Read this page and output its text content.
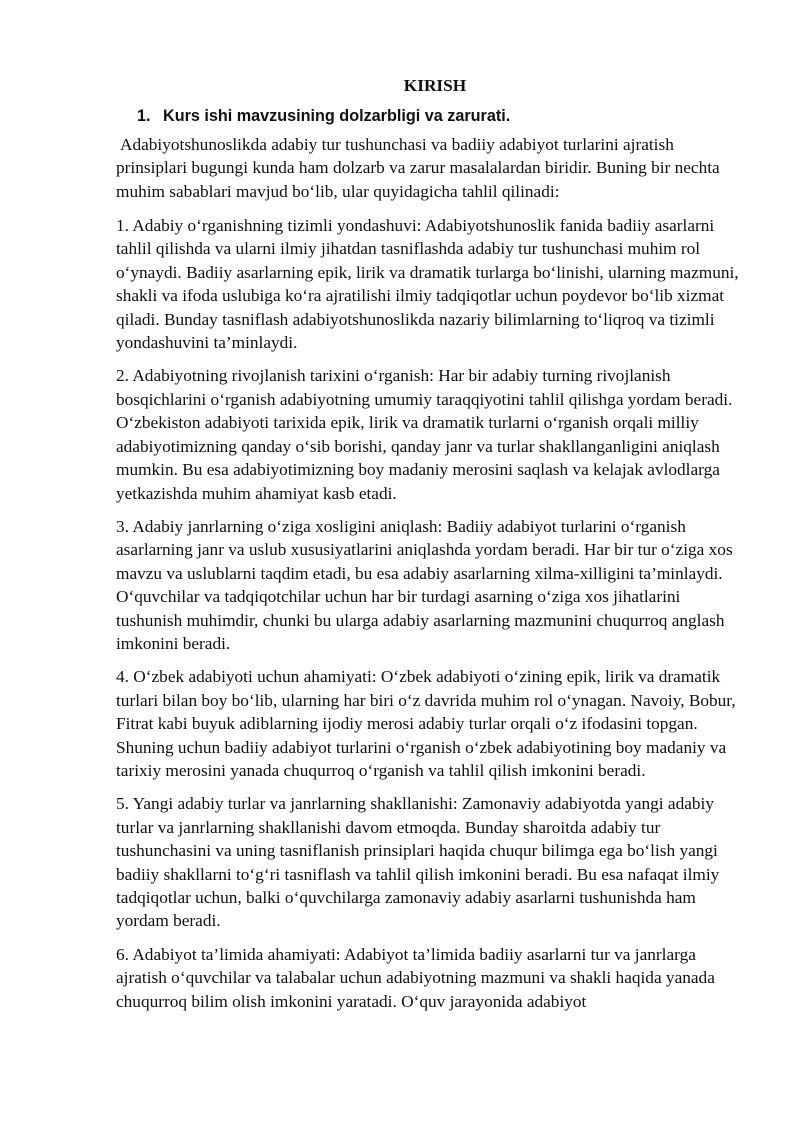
KIRISH
1. Kurs ishi mavzusining dolzarbligi va zarurati.

Adabiyotshunoslikda adabiy tur tushunchasi va badiiy adabiyot turlarini ajratish prinsiplari bugungi kunda ham dolzarb va zarur masalalardan biridir. Buning bir nechta muhim sabablari mavjud bo‘lib, ular quyidagicha tahlil qilinadi:

1. Adabiy o‘rganishning tizimli yondashuvi: Adabiyotshunoslik fanida badiiy asarlarni tahlil qilishda va ularni ilmiy jihatdan tasniflashda adabiy tur tushunchasi muhim rol o‘ynaydi. Badiiy asarlarning epik, lirik va dramatik turlarga bo‘linishi, ularning mazmuni, shakli va ifoda uslubiga ko‘ra ajratilishi ilmiy tadqiqotlar uchun poydevor bo‘lib xizmat qiladi. Bunday tasniflash adabiyotshunoslikda nazariy bilimlarning to‘liqroq va tizimli yondashuvini ta’minlaydi.

2. Adabiyotning rivojlanish tarixini o‘rganish: Har bir adabiy turning rivojlanish bosqichlarini o‘rganish adabiyotning umumiy taraqqiyotini tahlil qilishga yordam beradi. O‘zbekiston adabiyoti tarixida epik, lirik va dramatik turlarni o‘rganish orqali milliy adabiyotimizning qanday o‘sib borishi, qanday janr va turlar shakllanganligini aniqlash mumkin. Bu esa adabiyotimizning boy madaniy merosini saqlash va kelajak avlodlarga yetkazishda muhim ahamiyat kasb etadi.

3. Adabiy janrlarning o‘ziga xosligini aniqlash: Badiiy adabiyot turlarini o‘rganish asarlarning janr va uslub xususiyatlarini aniqlashda yordam beradi. Har bir tur o‘ziga xos mavzu va uslublarni taqdim etadi, bu esa adabiy asarlarning xilma-xilligini ta’minlaydi. O‘quvchilar va tadqiqotchilar uchun har bir turdagi asarning o‘ziga xos jihatlarini tushunish muhimdir, chunki bu ularga adabiy asarlarning mazmunini chuqurroq anglash imkonini beradi.

4. O‘zbek adabiyoti uchun ahamiyati: O‘zbek adabiyoti o‘zining epik, lirik va dramatik turlari bilan boy bo‘lib, ularning har biri o‘z davrida muhim rol o‘ynagan. Navoiy, Bobur, Fitrat kabi buyuk adiblarning ijodiy merosi adabiy turlar orqali o‘z ifodasini topgan. Shuning uchun badiiy adabiyot turlarini o‘rganish o‘zbek adabiyotining boy madaniy va tarixiy merosini yanada chuqurroq o‘rganish va tahlil qilish imkonini beradi.

5. Yangi adabiy turlar va janrlarning shakllanishi: Zamonaviy adabiyotda yangi adabiy turlar va janrlarning shakllanishi davom etmoqda. Bunday sharoitda adabiy tur tushunchasini va uning tasniflanish prinsiplari haqida chuqur bilimga ega bo‘lish yangi badiiy shakllarni to‘g‘ri tasniflash va tahlil qilish imkonini beradi. Bu esa nafaqat ilmiy tadqiqotlar uchun, balki o‘quvchilarga zamonaviy adabiy asarlarni tushunishda ham yordam beradi.

6. Adabiyot ta’limida ahamiyati: Adabiyot ta’limida badiiy asarlarni tur va janrlarga ajratish o‘quvchilar va talabalar uchun adabiyotning mazmuni va shakli haqida yanada chuqurroq bilim olish imkonini yaratadi. O‘quv jarayonida adabiyot
